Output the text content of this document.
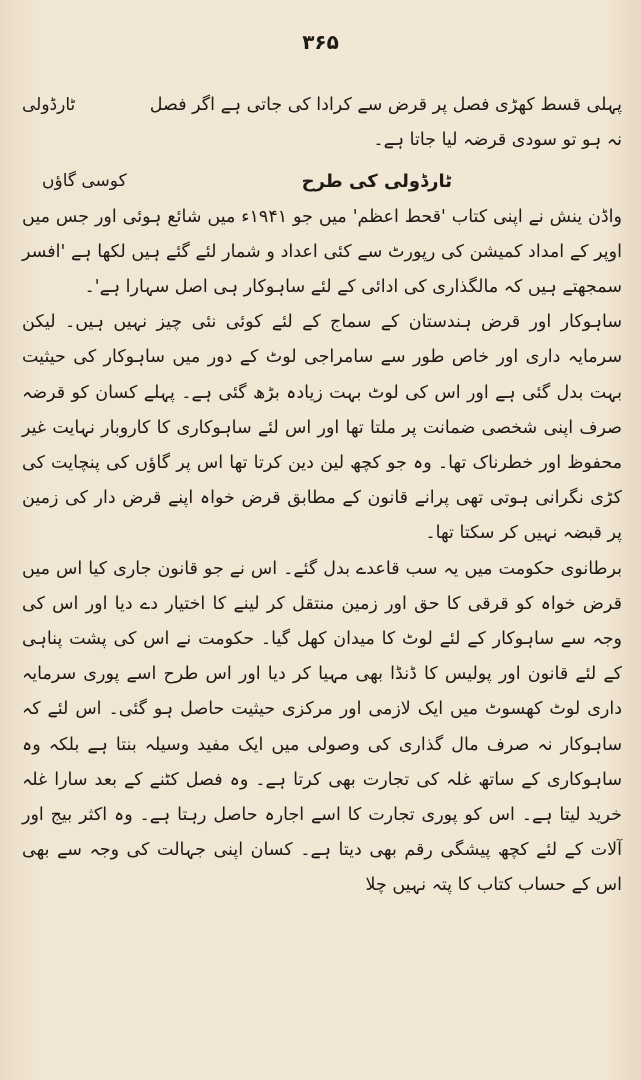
۳۶۵
ٹارڈولی	پہلی قسط کھڑی فصل پر قرض سے کرادا کی جاتی ہے اگر فصل
نہ ہو تو سودی قرضہ لیا جاتا ہے۔
ٹارڈولی کی طرح
کوسی گاؤں

واڈن ینش نے اپنی کتاب 'قحط اعظم' میں جو ۱۹۴۱ء میں شائع ہوئی اور جس میں اوپر کے امداد کمیشن کی رپورٹ سے کئی اعداد و شمار لئے گئے ہیں لکھا ہے 'افسر سمجھتے ہیں کہ مالگذاری کی ادائی کے لئے ساہوکار ہی اصل سہارا ہے'۔

ساہوکار اور قرض ہندستان کے سماج کے لئے کوئی نئی چیز نہیں ہیں۔ لیکن سرمایہ داری اور خاص طور سے سامراجی لوٹ کے دور میں ساہوکار کی حیثیت بہت بدل گئی ہے اور اس کی لوٹ بہت زیادہ بڑھ گئی ہے۔ پہلے کسان کو قرضہ صرف اپنی شخصی ضمانت پر ملتا تھا اور اس لئے ساہوکاری کا کاروبار نہایت غیر محفوظ اور خطرناک تھا۔ وہ جو کچھ لین دین کرتا تھا اس پر گاؤں کی پنچایت کی کڑی نگرانی ہوتی تھی پرانے قانون کے مطابق قرض خواہ اپنے قرض دار کی زمین پر قبضہ نہیں کر سکتا تھا۔

برطانوی حکومت میں یہ سب قاعدے بدل گئے۔ اس نے جو قانون جاری کیا اس میں قرض خواہ کو قرقی کا حق اور زمین منتقل کر لینے کا اختیار دے دیا اور اس کی وجہ سے ساہوکار کے لئے لوٹ کا میدان کھل گیا۔ حکومت نے اس کی پشت پناہی کے لئے قانون اور پولیس کا ڈنڈا بھی مہیا کر دیا اور اس طرح اسے پوری سرمایہ داری لوٹ کھسوٹ میں ایک لازمی اور مرکزی حیثیت حاصل ہو گئی۔ اس لئے کہ ساہوکار نہ صرف مال گذاری کی وصولی میں ایک مفید وسیلہ بنتا ہے بلکہ وہ ساہوکاری کے ساتھ غلہ کی تجارت بھی کرتا ہے۔ وہ فصل کٹنے کے بعد سارا غلہ خرید لیتا ہے۔ اس کو پوری تجارت کا اسے اجارہ حاصل رہتا ہے۔ وہ اکثر بیج اور آلات کے لئے کچھ پیشگی رقم بھی دیتا ہے۔ کسان اپنی جہالت کی وجہ سے بھی اس کے حساب کتاب کا پتہ نہیں چلا
